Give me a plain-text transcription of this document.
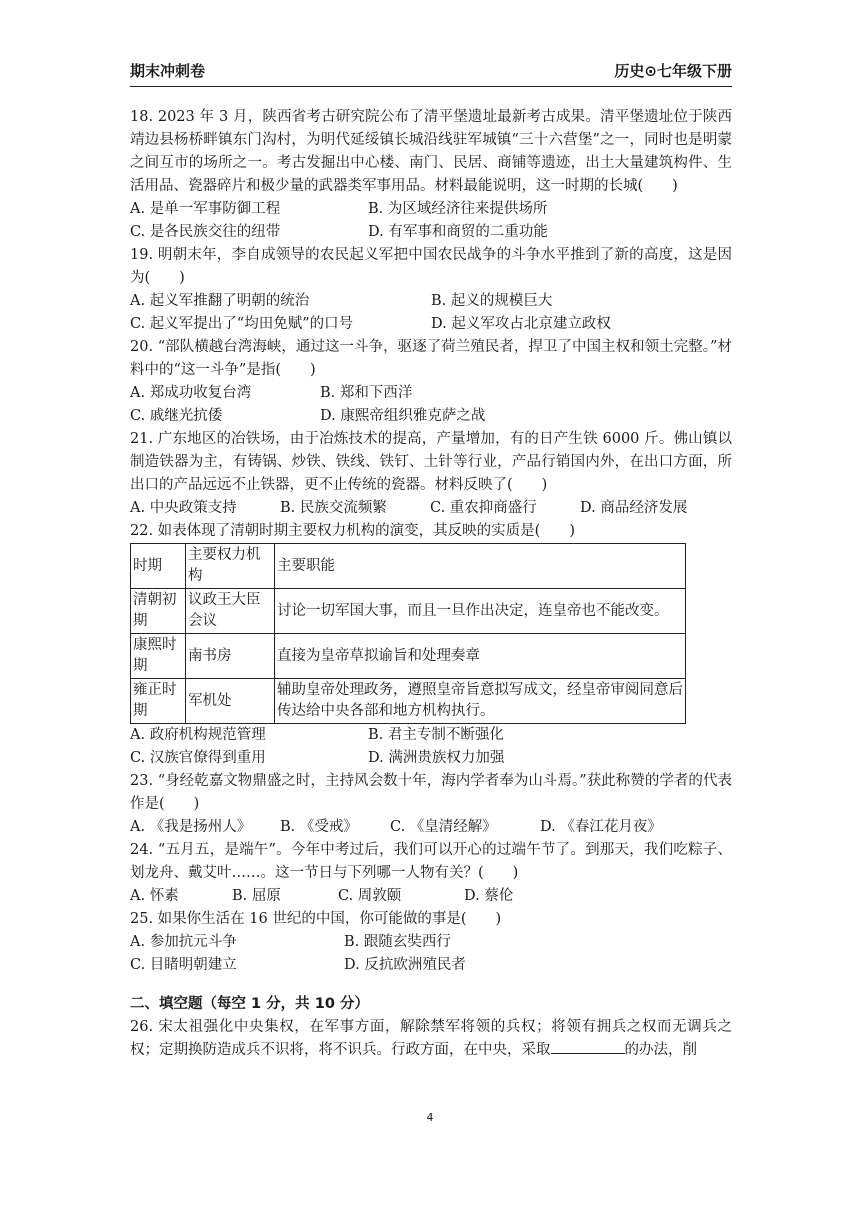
期末冲刺卷	历史⊙七年级下册

18. 2023 年 3 月，陕西省考古研究院公布了清平堡遗址最新考古成果。清平堡遗址位于陕西靖边县杨桥畔镇东门沟村，为明代延绥镇长城沿线驻军城镇“三十六营堡”之一，同时也是明蒙之间互市的场所之一。考古发掘出中心楼、南门、民居、商铺等遗迹，出土大量建筑构件、生活用品、瓷器碎片和极少量的武器类军事用品。材料最能说明，这一时期的长城(　　)

A. 是单一军事防御工程	B. 为区域经济往来提供场所
C. 是各民族交往的纽带	D. 有军事和商贸的二重功能

19. 明朝末年，李自成领导的农民起义军把中国农民战争的斗争水平推到了新的高度，这是因为(　　)

A. 起义军推翻了明朝的统治	B. 起义的规模巨大
C. 起义军提出了“均田免赋”的口号	D. 起义军攻占北京建立政权

20. “部队横越台湾海峡，通过这一斗争，驱逐了荷兰殖民者，捍卫了中国主权和领土完整。”材料中的“这一斗争”是指(　　)

A. 郑成功收复台湾	B. 郑和下西洋
C. 戚继光抗倭	D. 康熙帝组织雅克萨之战

21. 广东地区的冶铁场，由于冶炼技术的提高，产量增加，有的日产生铁 6000 斤。佛山镇以制造铁器为主，有铸锅、炒铁、铁线、铁钉、土针等行业，产品行销国内外，在出口方面，所出口的产品远远不止铁器，更不止传统的瓷器。材料反映了(　　)

A. 中央政策支持	B. 民族交流频繁	C. 重农抑商盛行	D. 商品经济发展

22. 如表体现了清朝时期主要权力机构的演变，其反映的实质是(　　)

时期	主要权力机构	主要职能
清朝初期	议政王大臣会议	讨论一切军国大事，而且一旦作出决定，连皇帝也不能改变。
康熙时期	南书房	直接为皇帝草拟谕旨和处理奏章
雍正时期	军机处	辅助皇帝处理政务，遵照皇帝旨意拟写成文，经皇帝审阅同意后传达给中央各部和地方机构执行。
A. 政府机构规范管理	B. 君主专制不断强化
C. 汉族官僚得到重用	D. 满洲贵族权力加强

23. “身经乾嘉文物鼎盛之时，主持风会数十年，海内学者奉为山斗焉。”获此称赞的学者的代表作是(　　)

A. 《我是扬州人》	B. 《受戒》	C. 《皇清经解》	D. 《春江花月夜》

24. “五月五，是端午”。今年中考过后，我们可以开心的过端午节了。到那天，我们吃粽子、划龙舟、戴艾叶……。这一节日与下列哪一人物有关？(　　)

A. 怀素	B. 屈原	C. 周敦颐	D. 蔡伦

25. 如果你生活在 16 世纪的中国，你可能做的事是(　　)

A. 参加抗元斗争	B. 跟随玄奘西行
C. 目睹明朝建立	D. 反抗欧洲殖民者
二、填空题（每空 1 分，共 10 分）

26. 宋太祖强化中央集权，在军事方面，解除禁军将领的兵权；将领有拥兵之权而无调兵之权；定期换防造成兵不识将，将不识兵。行政方面，在中央，采取	的办法，削

4
